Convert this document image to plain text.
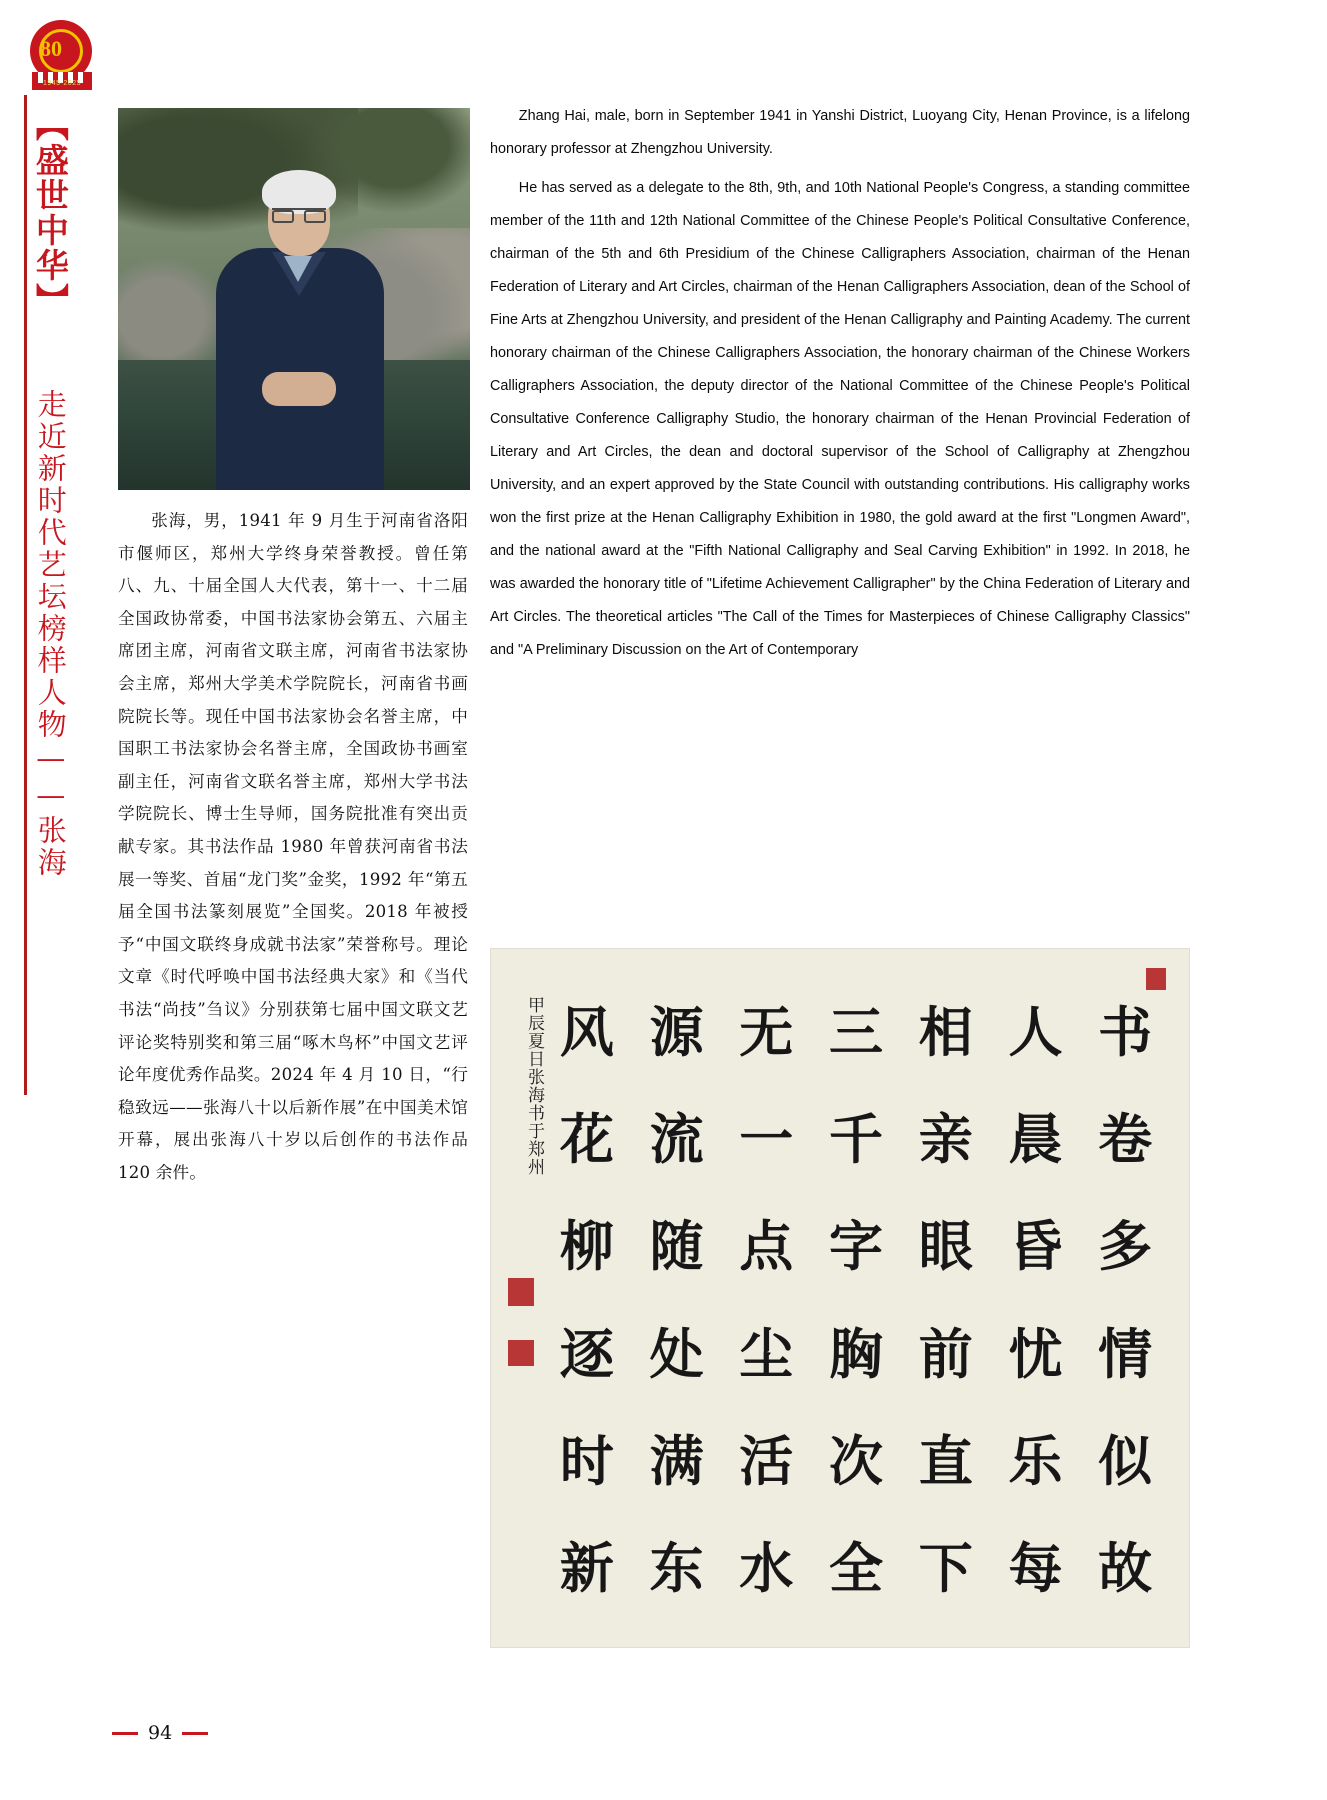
80
1945-2025
【盛世中华】
走近新时代艺坛榜样人物——张海	张海，男，1941 年 9 月生于河南省洛阳市偃师区，郑州大学终身荣誉教授。曾任第八、九、十届全国人大代表，第十一、十二届全国政协常委，中国书法家协会第五、六届主席团主席，河南省文联主席，河南省书法家协会主席，郑州大学美术学院院长，河南省书画院院长等。现任中国书法家协会名誉主席，中国职工书法家协会名誉主席，全国政协书画室副主任，河南省文联名誉主席，郑州大学书法学院院长、博士生导师，国务院批准有突出贡献专家。其书法作品 1980 年曾获河南省书法展一等奖、首届“龙门奖”金奖，1992 年“第五届全国书法篆刻展览”全国奖。2018 年被授予“中国文联终身成就书法家”荣誉称号。理论文章《时代呼唤中国书法经典大家》和《当代书法“尚技”刍议》分别获第七届中国文联文艺评论奖特别奖和第三届“啄木鸟杯”中国文艺评论年度优秀作品奖。2024 年 4 月 10 日，“行稳致远——张海八十以后新作展”在中国美术馆开幕，展出张海八十岁以后创作的书法作品 120 余件。

Zhang Hai, male, born in September 1941 in Yanshi District, Luoyang City, Henan Province, is a lifelong honorary professor at Zhengzhou University.

He has served as a delegate to the 8th, 9th, and 10th National People's Congress, a standing committee member of the 11th and 12th National Committee of the Chinese People's Political Consultative Conference, chairman of the 5th and 6th Presidium of the Chinese Calligraphers Association, chairman of the Henan Federation of Literary and Art Circles, chairman of the Henan Calligraphers Association, dean of the School of Fine Arts at Zhengzhou University, and president of the Henan Calligraphy and Painting Academy. The current honorary chairman of the Chinese Calligraphers Association, the honorary chairman of the Chinese Workers Calligraphers Association, the deputy director of the National Committee of the Chinese People's Political Consultative Conference Calligraphy Studio, the honorary chairman of the Henan Provincial Federation of Literary and Art Circles, the dean and doctoral supervisor of the School of Calligraphy at Zhengzhou University, and an expert approved by the State Council with outstanding contributions. His calligraphy works won the first prize at the Henan Calligraphy Exhibition in 1980, the gold award at the first "Longmen Award", and the national award at the "Fifth National Calligraphy and Seal Carving Exhibition" in 1992. In 2018, he was awarded the honorary title of "Lifetime Achievement Calligrapher" by the China Federation of Literary and Art Circles. The theoretical articles "The Call of the Times for Masterpieces of Chinese Calligraphy Classics" and "A Preliminary Discussion on the Art of Contemporary

甲辰夏日张海书于郑州	书
人
相
三
无
源
风
卷
晨
亲
千
一
流
花
多
昏
眼
字
点
随
柳
情
忧
前
胸
尘
处
逐
似
乐
直
次
活
满
时
故
每
下
全
水
东
新
94
